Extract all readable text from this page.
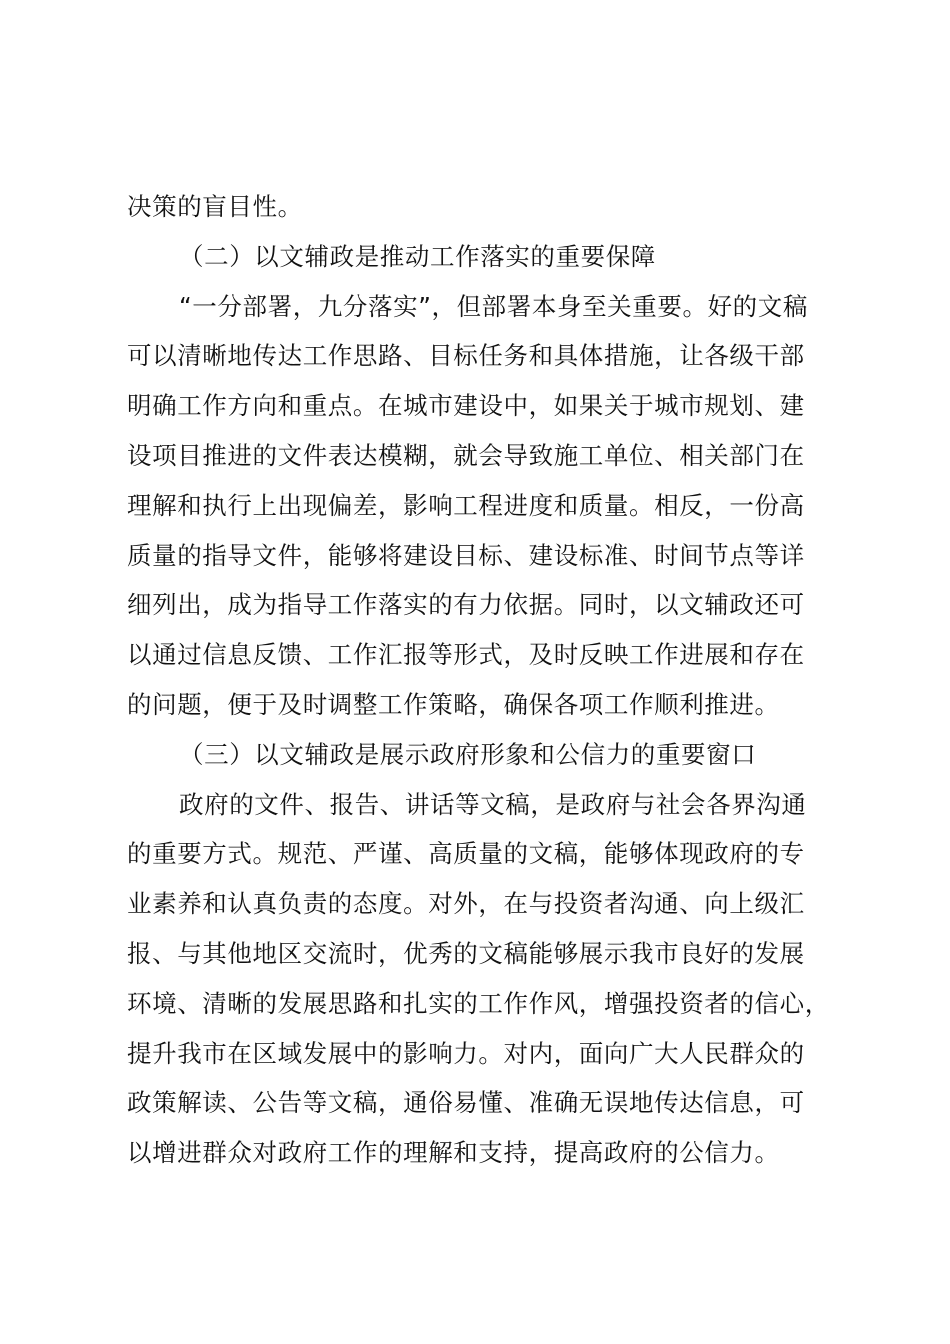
决策的盲目性。
（二）以文辅政是推动工作落实的重要保障
“一分部署，九分落实”，但部署本身至关重要。好的文稿
可以清晰地传达工作思路、目标任务和具体措施，让各级干部
明确工作方向和重点。在城市建设中，如果关于城市规划、建
设项目推进的文件表达模糊，就会导致施工单位、相关部门在
理解和执行上出现偏差，影响工程进度和质量。相反，一份高
质量的指导文件，能够将建设目标、建设标准、时间节点等详
细列出，成为指导工作落实的有力依据。同时，以文辅政还可
以通过信息反馈、工作汇报等形式，及时反映工作进展和存在
的问题，便于及时调整工作策略，确保各项工作顺利推进。
（三）以文辅政是展示政府形象和公信力的重要窗口
政府的文件、报告、讲话等文稿，是政府与社会各界沟通
的重要方式。规范、严谨、高质量的文稿，能够体现政府的专
业素养和认真负责的态度。对外，在与投资者沟通、向上级汇
报、与其他地区交流时，优秀的文稿能够展示我市良好的发展
环境、清晰的发展思路和扎实的工作作风，增强投资者的信心，
提升我市在区域发展中的影响力。对内，面向广大人民群众的
政策解读、公告等文稿，通俗易懂、准确无误地传达信息，可
以增进群众对政府工作的理解和支持，提高政府的公信力。
